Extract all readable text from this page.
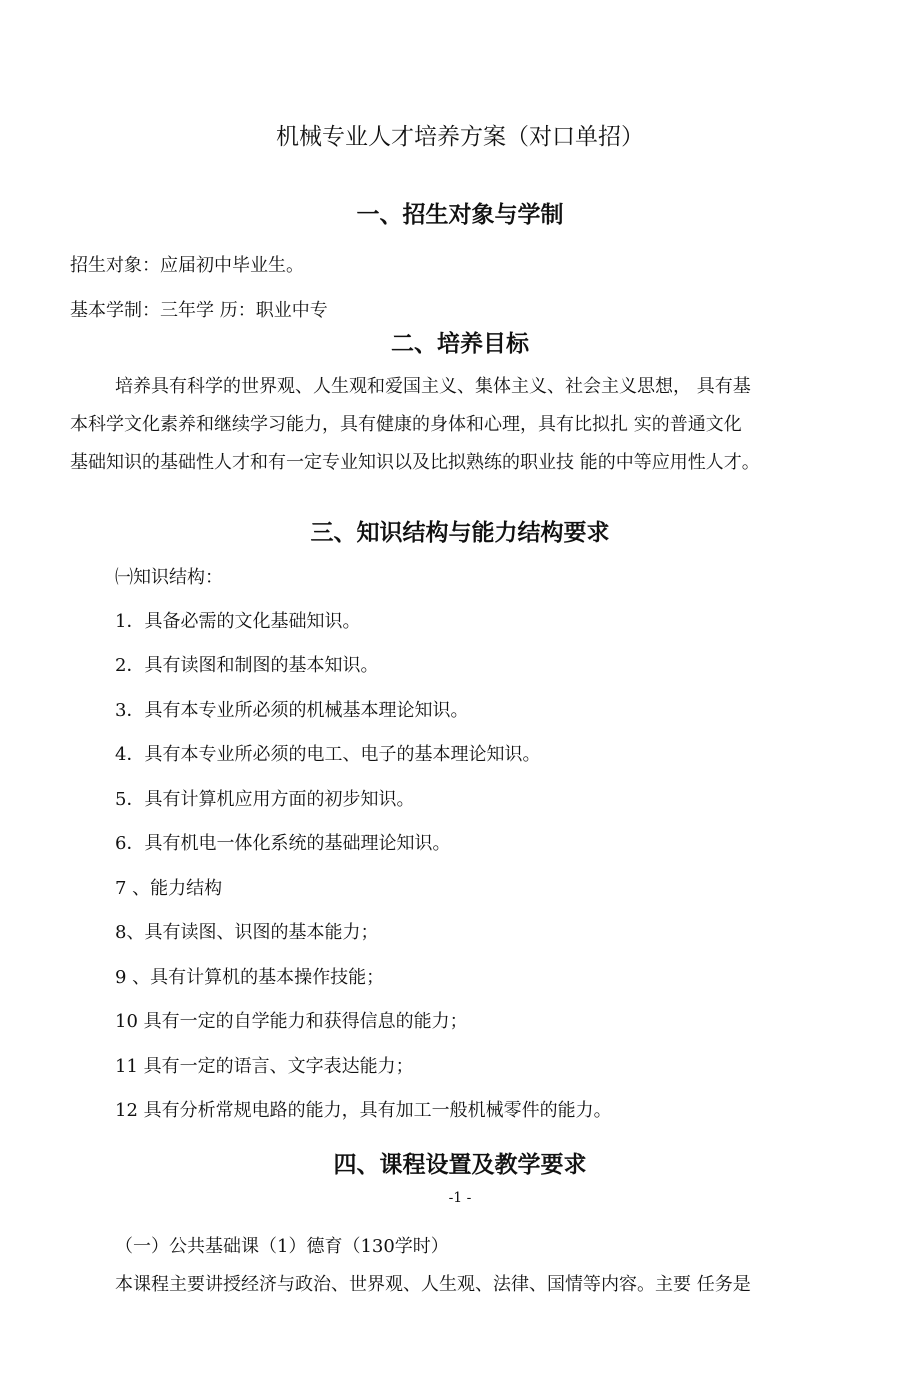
机械专业人才培养方案（对口单招）
一、招生对象与学制
招生对象：应届初中毕业生。
基本学制：三年学 历：职业中专
二、培养目标
培养具有科学的世界观、人生观和爱国主义、集体主义、社会主义思想， 具有基
本科学文化素养和继续学习能力，具有健康的身体和心理，具有比拟扎 实的普通文化
基础知识的基础性人才和有一定专业知识以及比拟熟练的职业技 能的中等应用性人才。
三、知识结构与能力结构要求
㈠知识结构：
1．具备必需的文化基础知识。
2．具有读图和制图的基本知识。
3．具有本专业所必须的机械基本理论知识。
4．具有本专业所必须的电工、电子的基本理论知识。
5．具有计算机应用方面的初步知识。
6．具有机电一体化系统的基础理论知识。
7 、能力结构
8、具有读图、识图的基本能力；
9 、具有计算机的基本操作技能；
10 具有一定的自学能力和获得信息的能力；
11 具有一定的语言、文字表达能力；
12 具有分析常规电路的能力，具有加工一般机械零件的能力。
四、课程设置及教学要求
-1 -
（一）公共基础课（1）德育（130学时）
本课程主要讲授经济与政治、世界观、人生观、法律、国情等内容。主要 任务是
